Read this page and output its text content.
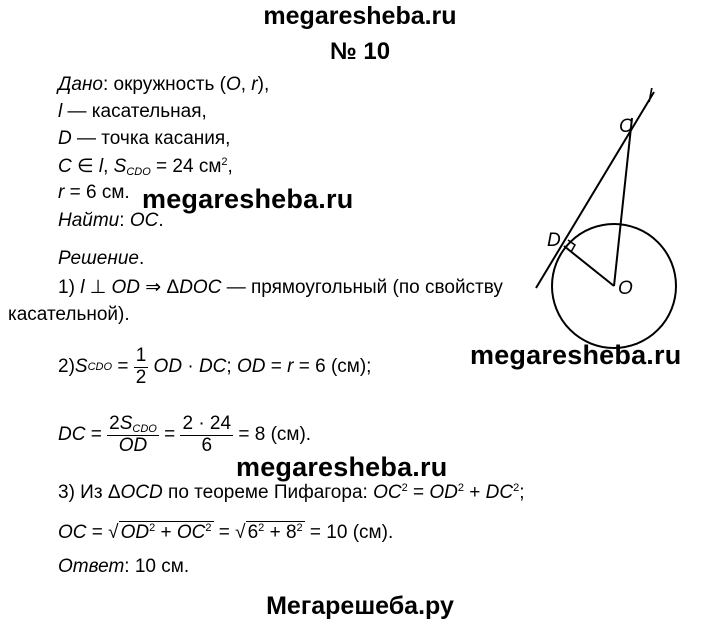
megaresheba.ru
№ 10
Дано: окружность (O, r),
l — касательная,
D — точка касания,
C ∈ l, $S_{CDO} = 24$ $см^2$,
r = 6 см. megaresheba.ru
Найти: OC.
Решение.
1) l ⊥ OD ⇒ ΔDOC — прямоугольный (по свойству
касательной).
megaresheba.ru
2) S CDO = $\frac{1}{2}$ OD · DC ; OD = r = 6 (см);
DC = $\frac{2S_{CDO}}{OD} = \frac{2 \cdot 24}{6} = 8$ (см).
megaresheba.ru
3) Из ΔOCD по теореме Пифагора: $OC^2 = OD^2 + DC^2$;
OC = √ $OD^2 + OC^2$ = √ $6^2 + 8^2 = 10$ (см).
Ответ: 10 см.
l
C
D
O
Мегарешеба.ру
